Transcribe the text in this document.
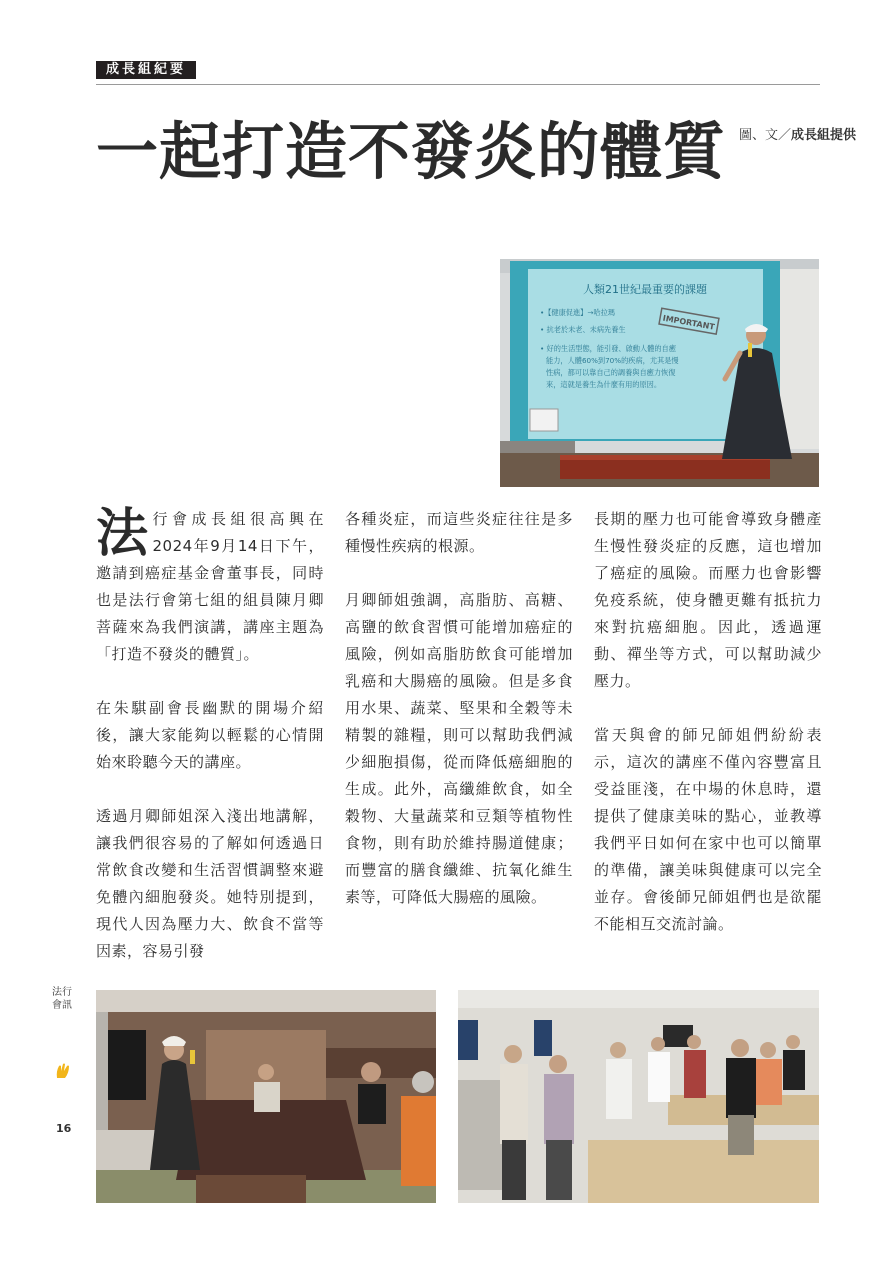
成長組紀要
一起打造不發炎的體質 圖、文／成長組提供
人類21世紀最重要的課題
•【健康促進】→哈拉瑪
• 抗老於未老、未病先養生
• 好的生活型態，能引發、啟動人體的自癒
能力，人體60%到70%的疾病，尤其是慢
性病，都可以靠自己的調養與自癒力恢復
來，這就是養生為什麼有用的原因。
IMPORTANT

法行會成長組很高興在2024年9月14日下午，邀請到癌症基金會董事長，同時也是法行會第七組的組員陳月卿菩薩來為我們演講，講座主題為「打造不發炎的體質」。

在朱騏副會長幽默的開場介紹後，讓大家能夠以輕鬆的心情開始來聆聽今天的講座。

透過月卿師姐深入淺出地講解，讓我們很容易的了解如何透過日常飲食改變和生活習慣調整來避免體內細胞發炎。她特別提到，現代人因為壓力大、飲食不當等因素，容易引發

各種炎症，而這些炎症往往是多種慢性疾病的根源。

月卿師姐強調，高脂肪、高糖、高鹽的飲食習慣可能增加癌症的風險，例如高脂肪飲食可能增加乳癌和大腸癌的風險。但是多食用水果、蔬菜、堅果和全穀等未精製的雜糧，則可以幫助我們減少細胞損傷，從而降低癌細胞的生成。此外，高纖維飲食，如全穀物、大量蔬菜和豆類等植物性食物，則有助於維持腸道健康；而豐富的膳食纖維、抗氧化維生素等，可降低大腸癌的風險。

長期的壓力也可能會導致身體產生慢性發炎症的反應，這也增加了癌症的風險。而壓力也會影響免疫系統，使身體更難有抵抗力來對抗癌細胞。因此，透過運動、禪坐等方式，可以幫助減少壓力。

當天與會的師兄師姐們紛紛表示，這次的講座不僅內容豐富且受益匪淺，在中場的休息時，還提供了健康美味的點心，並教導我們平日如何在家中也可以簡單的準備，讓美味與健康可以完全並存。會後師兄師姐們也是欲罷不能相互交流討論。

法行會訊
16
